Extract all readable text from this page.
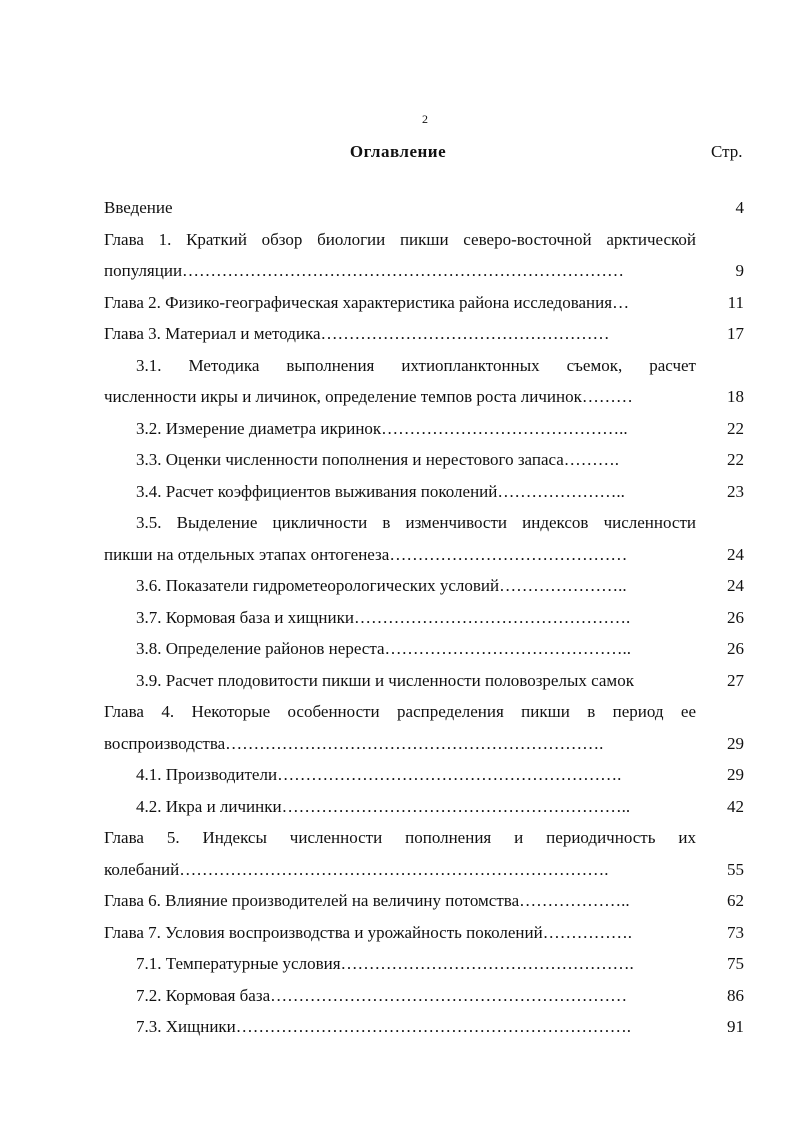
2
Оглавление	Стр.
Введение	4
Глава 1. Краткий обзор биологии пикши северо-восточной арктической
популяции……………………………………………………………………	9
Глава 2. Физико-географическая характеристика района исследования…	11
Глава 3. Материал и методика……………………………………………	17
3.1. Методика выполнения ихтиопланктонных съемок, расчет
численности икры и личинок, определение темпов роста личинок………	18
3.2. Измерение диаметра икринок……………………………………..	22
3.3. Оценки численности пополнения и нерестового запаса……….	22
3.4. Расчет коэффициентов выживания поколений…………………..	23
3.5. Выделение цикличности в изменчивости индексов численности
пикши на отдельных этапах онтогенеза……………………………………	24
3.6. Показатели гидрометеорологических условий…………………..	24
3.7. Кормовая база и хищники………………………………………….	26
3.8. Определение районов нереста……………………………………..	26
3.9. Расчет плодовитости пикши и численности половозрелых самок	27
Глава 4. Некоторые особенности распределения пикши в период ее
воспроизводства………………………………………………………….	29
4.1. Производители…………………………………………………….	29
4.2. Икра и личинки……………………………………………………..	42
Глава 5. Индексы численности пополнения и периодичность их
колебаний………………………………………………………………….	55
Глава 6. Влияние производителей на величину потомства………………..	62
Глава 7. Условия воспроизводства и урожайность поколений…………….	73
7.1. Температурные условия…………………………………………….	75
7.2. Кормовая база………………………………………………………	86
7.3. Хищники…………………………………………………………….	91
